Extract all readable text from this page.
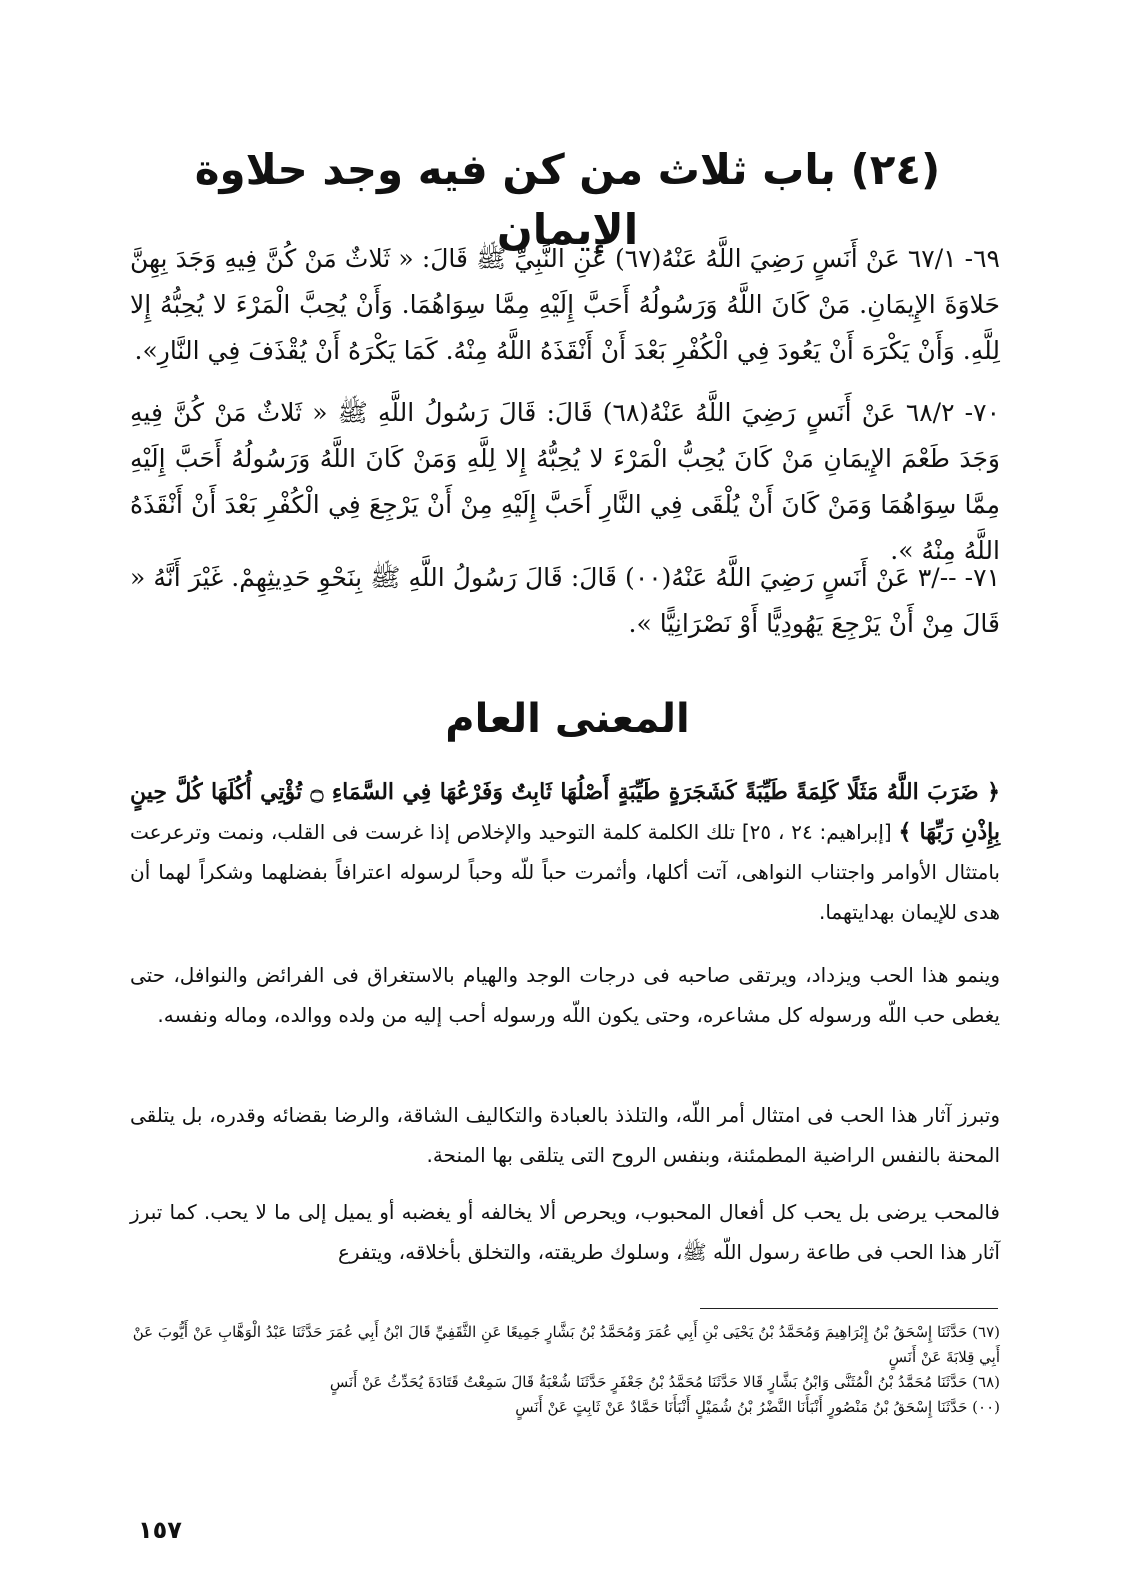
(٢٤) باب ثلاث من كن فيه وجد حلاوة الإيمان

٦٩- ٦٧/١ عَنْ أَنَسٍ رَضِيَ اللَّهُ عَنْهُ(٦٧) عَنِ النَّبِيِّ ﷺ قَالَ: « ثَلاثٌ مَنْ كُنَّ فِيهِ وَجَدَ بِهِنَّ حَلاوَةَ الإِيمَانِ. مَنْ كَانَ اللَّهُ وَرَسُولُهُ أَحَبَّ إِلَيْهِ مِمَّا سِوَاهُمَا. وَأَنْ يُحِبَّ الْمَرْءَ لا يُحِبُّهُ إِلا لِلَّهِ. وَأَنْ يَكْرَهَ أَنْ يَعُودَ فِي الْكُفْرِ بَعْدَ أَنْ أَنْقَذَهُ اللَّهُ مِنْهُ. كَمَا يَكْرَهُ أَنْ يُقْذَفَ فِي النَّارِ».

٧٠- ٦٨/٢ عَنْ أَنَسٍ رَضِيَ اللَّهُ عَنْهُ(٦٨) قَالَ: قَالَ رَسُولُ اللَّهِ ﷺ « ثَلاثٌ مَنْ كُنَّ فِيهِ وَجَدَ طَعْمَ الإِيمَانِ مَنْ كَانَ يُحِبُّ الْمَرْءَ لا يُحِبُّهُ إِلا لِلَّهِ وَمَنْ كَانَ اللَّهُ وَرَسُولُهُ أَحَبَّ إِلَيْهِ مِمَّا سِوَاهُمَا وَمَنْ كَانَ أَنْ يُلْقَى فِي النَّارِ أَحَبَّ إِلَيْهِ مِنْ أَنْ يَرْجِعَ فِي الْكُفْرِ بَعْدَ أَنْ أَنْقَذَهُ اللَّهُ مِنْهُ ».

٧١- --/٣ عَنْ أَنَسٍ رَضِيَ اللَّهُ عَنْهُ(٠٠) قَالَ: قَالَ رَسُولُ اللَّهِ ﷺ بِنَحْوِ حَدِيثِهِمْ. غَيْرَ أَنَّهُ « قَالَ مِنْ أَنْ يَرْجِعَ يَهُودِيًّا أَوْ نَصْرَانِيًّا ».

المعنى العام

﴿ ضَرَبَ اللَّهُ مَثَلًا كَلِمَةً طَيِّبَةً كَشَجَرَةٍ طَيِّبَةٍ أَصْلُهَا ثَابِتٌ وَفَرْعُهَا فِي السَّمَاءِ ۝ تُؤْتِي أُكُلَهَا كُلَّ حِينٍ بِإِذْنِ رَبِّهَا ﴾ [إبراهيم: ٢٤ ، ٢٥] تلك الكلمة كلمة التوحيد والإخلاص إذا غرست فى القلب، ونمت وترعرعت بامتثال الأوامر واجتناب النواهى، آتت أكلها، وأثمرت حباً للّه وحباً لرسوله اعترافاً بفضلهما وشكراً لهما أن هدى للإيمان بهدايتهما.

وينمو هذا الحب ويزداد، ويرتقى صاحبه فى درجات الوجد والهيام بالاستغراق فى الفرائض والنوافل، حتى يغطى حب اللّه ورسوله كل مشاعره، وحتى يكون اللّه ورسوله أحب إليه من ولده ووالده، وماله ونفسه.

وتبرز آثار هذا الحب فى امتثال أمر اللّه، والتلذذ بالعبادة والتكاليف الشاقة، والرضا بقضائه وقدره، بل يتلقى المحنة بالنفس الراضية المطمئنة، وبنفس الروح التى يتلقى بها المنحة.

فالمحب يرضى بل يحب كل أفعال المحبوب، ويحرص ألا يخالفه أو يغضبه أو يميل إلى ما لا يحب. كما تبرز آثار هذا الحب فى طاعة رسول اللّه ﷺ، وسلوك طريقته، والتخلق بأخلاقه، ويتفرع

(٦٧) حَدَّثَنَا إِسْحَقُ بْنُ إِبْرَاهِيمَ وَمُحَمَّدُ بْنُ يَحْيَى بْنِ أَبِي عُمَرَ وَمُحَمَّدُ بْنُ بَشَّارٍ جَمِيعًا عَنِ الثَّقَفِيِّ قَالَ ابْنُ أَبِي عُمَرَ حَدَّثَنَا عَبْدُ الْوَهَّابِ عَنْ أَيُّوبَ عَنْ أَبِي قِلابَةَ عَنْ أَنَسٍ

(٦٨) حَدَّثَنَا مُحَمَّدُ بْنُ الْمُثَنَّى وَابْنُ بَشَّارٍ قَالا حَدَّثَنَا مُحَمَّدُ بْنُ جَعْفَرٍ حَدَّثَنَا شُعْبَةُ قَالَ سَمِعْتُ قَتَادَةَ يُحَدِّثُ عَنْ أَنَسٍ

(٠٠) حَدَّثَنَا إِسْحَقُ بْنُ مَنْصُورٍ أَنْبَأَنَا النَّضْرُ بْنُ شُمَيْلٍ أَنْبَأَنَا حَمَّادٌ عَنْ ثَابِتٍ عَنْ أَنَسٍ

١٥٧
